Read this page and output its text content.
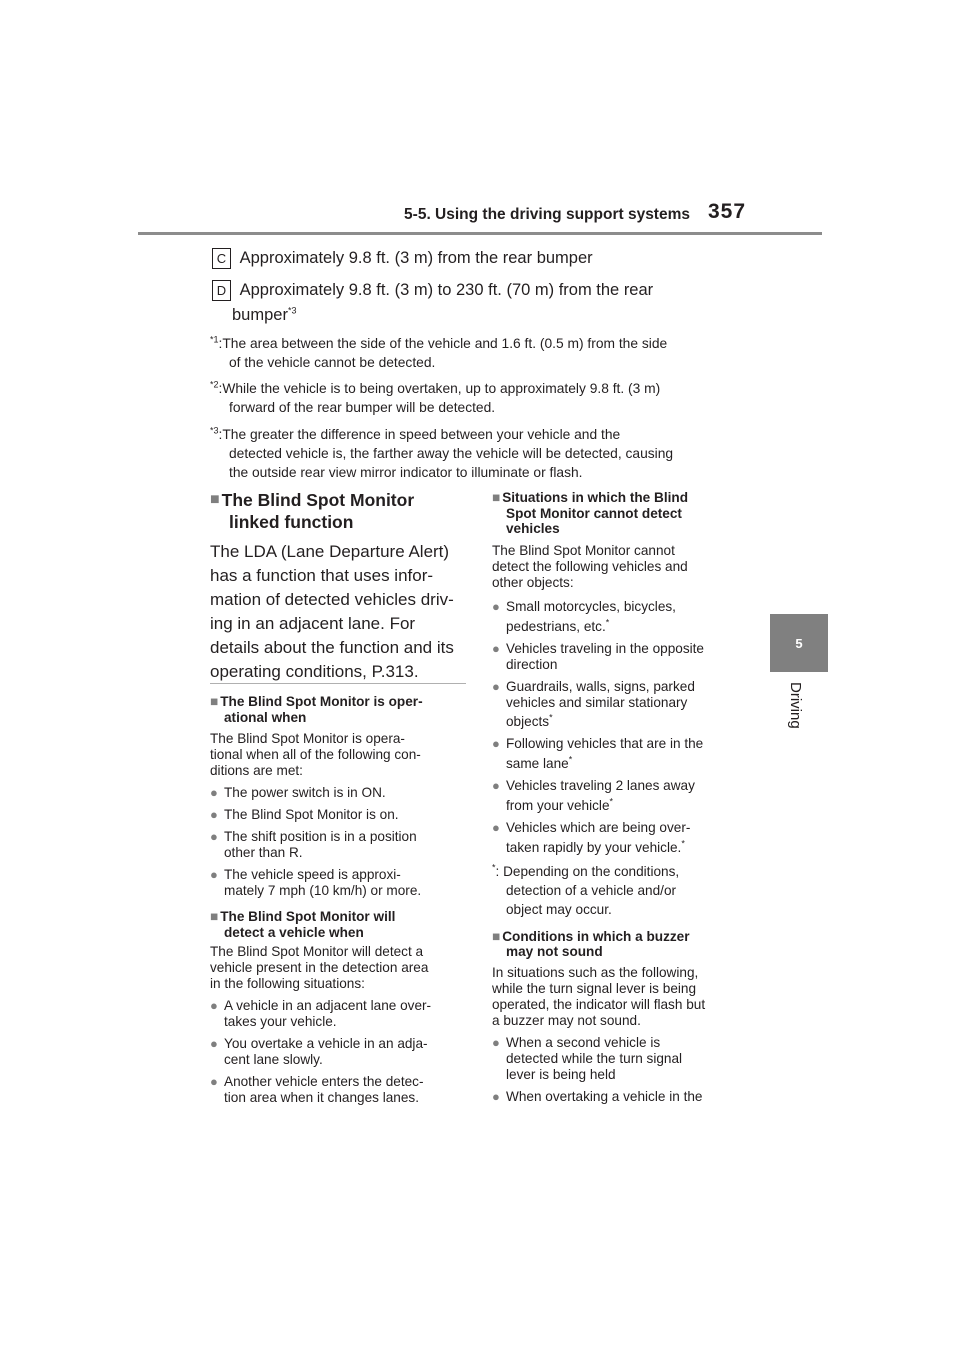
5-5. Using the driving support systems 357
5
Driving
C Approximately 9.8 ft. (3 m) from the rear bumper
D Approximately 9.8 ft. (3 m) to 230 ft. (70 m) from the rear
bumper$^{*3}$
$^{*1}$:The area between the side of the vehicle and 1.6 ft. (0.5 m) from the side
of the vehicle cannot be detected.
$^{*2}$:While the vehicle is to being overtaken, up to approximately 9.8 ft. (3 m)
forward of the rear bumper will be detected.
$^{*3}$:The greater the difference in speed between your vehicle and the
detected vehicle is, the farther away the vehicle will be detected, causing
the outside rear view mirror indicator to illuminate or flash.
■ The Blind Spot Monitor
linked function
The LDA (Lane Departure Alert)
has a function that uses infor-
mation of detected vehicles driv-
ing in an adjacent lane. For
details about the function and its
operating conditions, P.313.
■ The Blind Spot Monitor is oper-
ational when
The Blind Spot Monitor is opera-
tional when all of the following con-
ditions are met:
● The power switch is in ON.
● The Blind Spot Monitor is on.
● The shift position is in a position
other than R.
● The vehicle speed is approxi-
mately 7 mph (10 km/h) or more.
■ The Blind Spot Monitor will
detect a vehicle when
The Blind Spot Monitor will detect a
vehicle present in the detection area
in the following situations:
● A vehicle in an adjacent lane over-
takes your vehicle.
● You overtake a vehicle in an adja-
cent lane slowly.
● Another vehicle enters the detec-
tion area when it changes lanes.
■ Situations in which the Blind
Spot Monitor cannot detect
vehicles
The Blind Spot Monitor cannot
detect the following vehicles and
other objects:
● Small motorcycles, bicycles,
pedestrians, etc.*
● Vehicles traveling in the opposite
direction
● Guardrails, walls, signs, parked
vehicles and similar stationary
objects*
● Following vehicles that are in the
same lane*
● Vehicles traveling 2 lanes away
from your vehicle*
● Vehicles which are being over-
taken rapidly by your vehicle.*
*: Depending on the conditions,
detection of a vehicle and/or
object may occur.
■ Conditions in which a buzzer
may not sound
In situations such as the following,
while the turn signal lever is being
operated, the indicator will flash but
a buzzer may not sound.
● When a second vehicle is
detected while the turn signal
lever is being held
● When overtaking a vehicle in the
